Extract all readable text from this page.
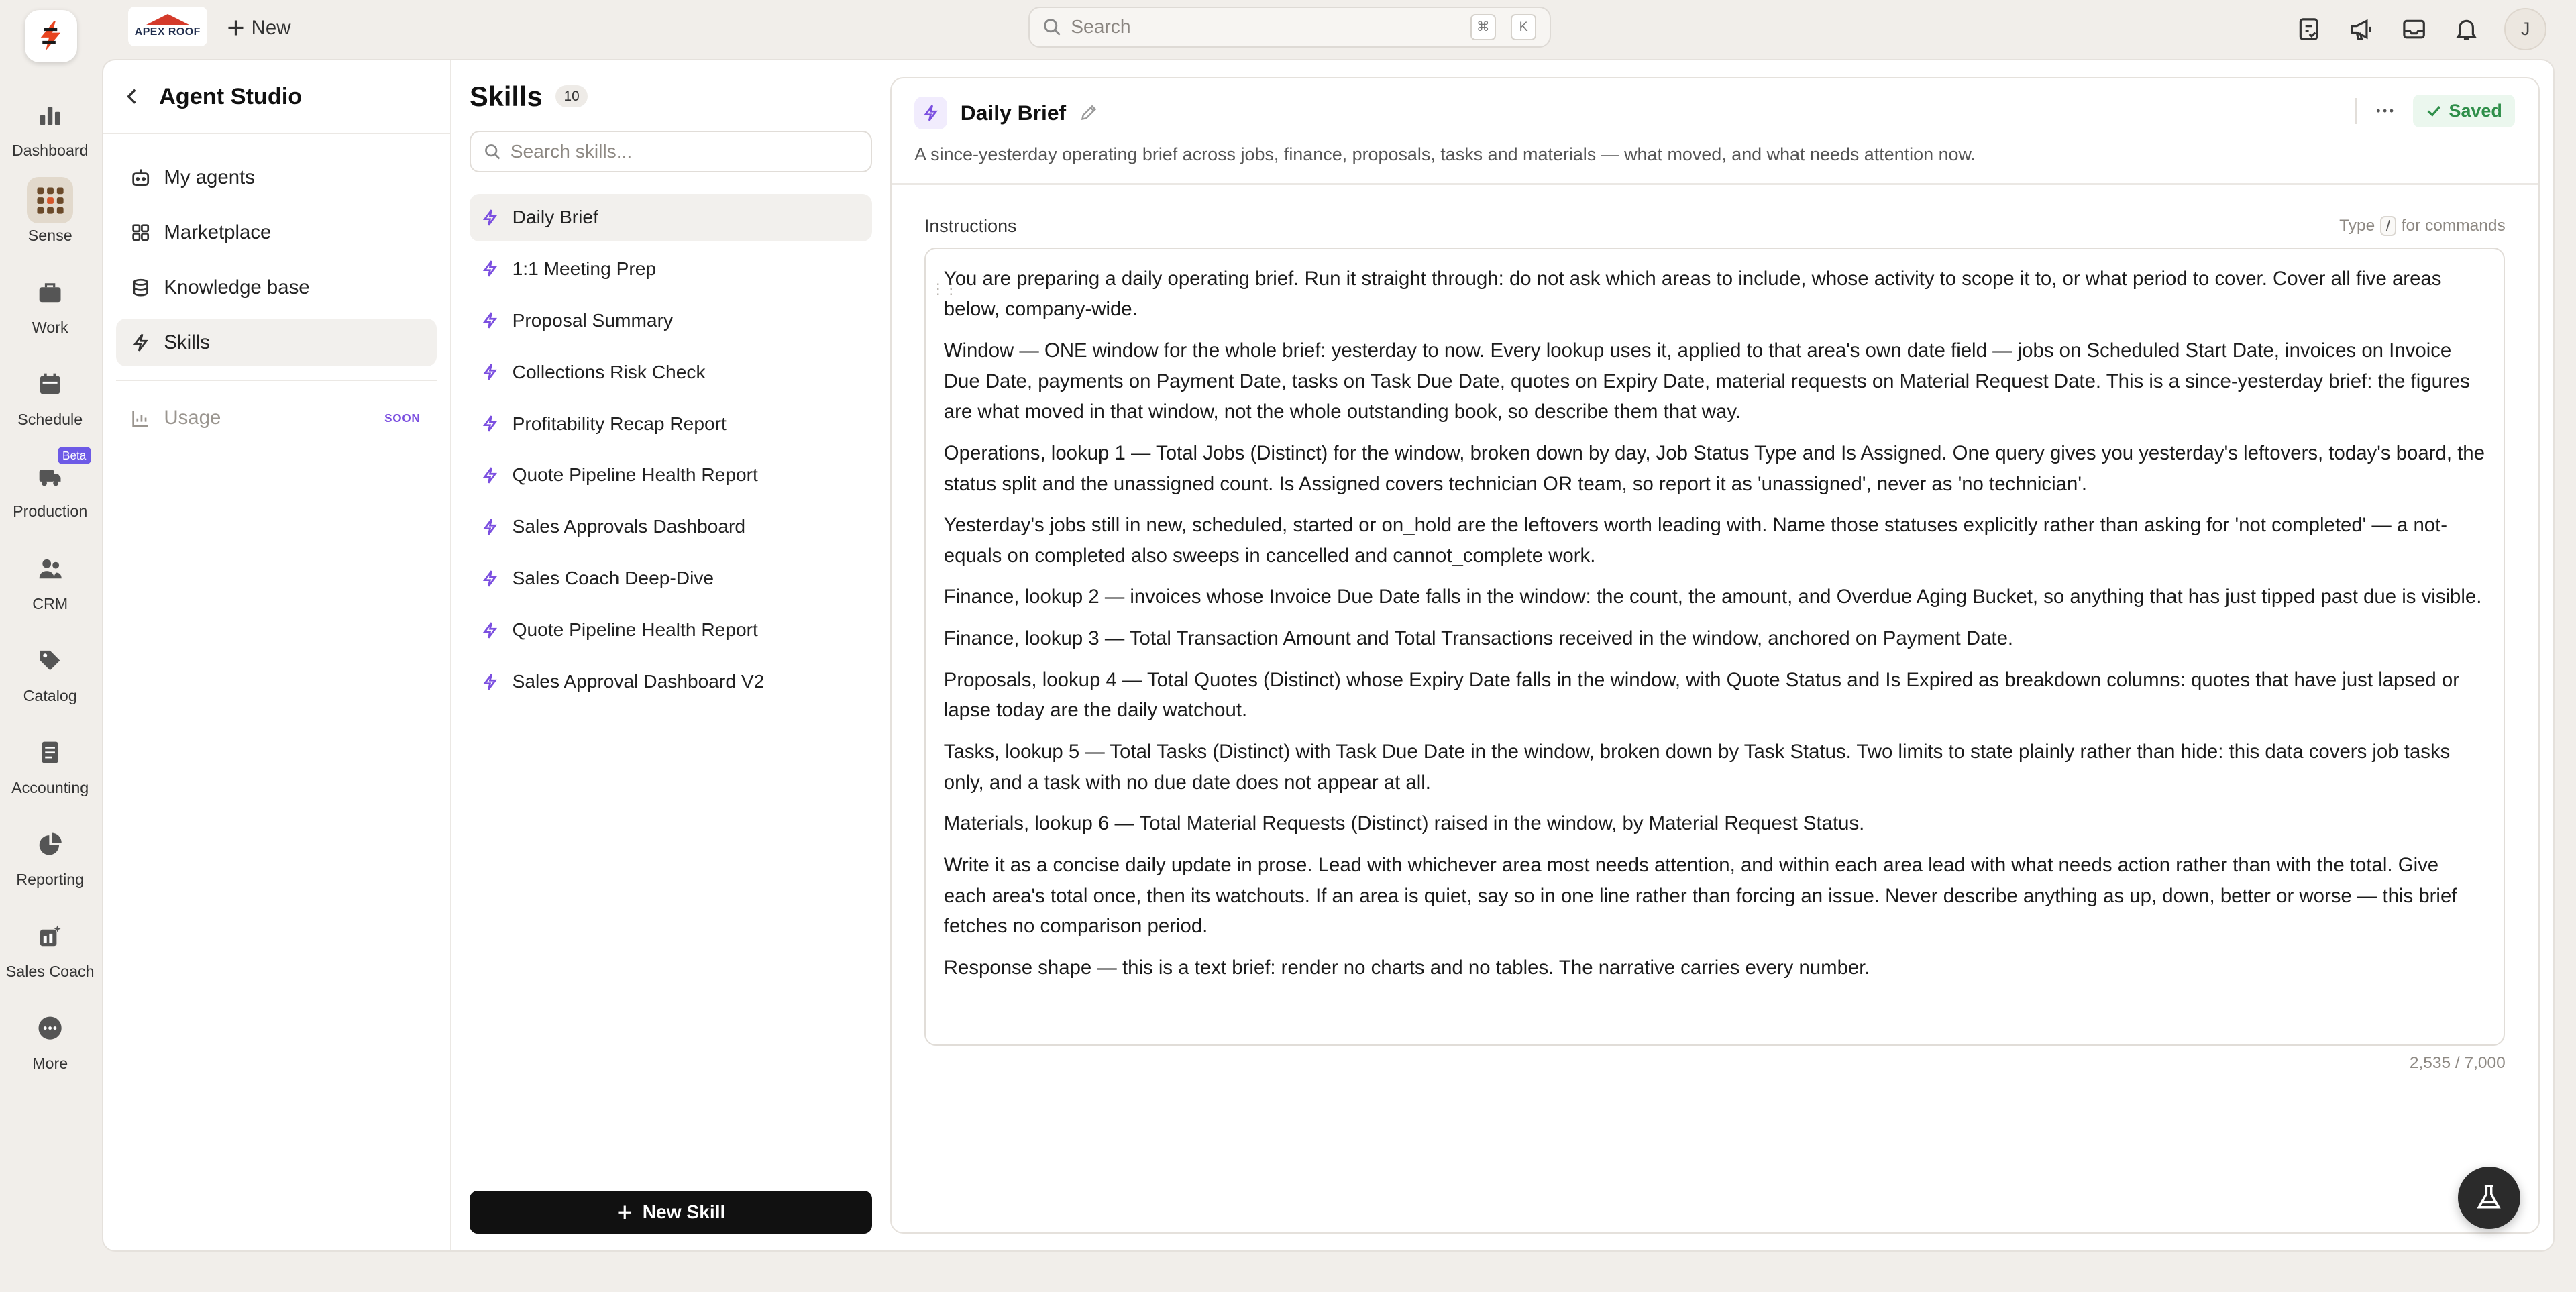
APEX ROOF	New	Search	⌘	K	J
Dashboard
Sense
Work
Schedule
Beta
Production
CRM
Catalog
Accounting
Reporting
Sales Coach
More
Agent Studio
My agents
Marketplace
Knowledge base
Skills
Usage	SOON
Skills	10
Search skills...
Daily Brief
1:1 Meeting Prep
Proposal Summary
Collections Risk Check
Profitability Recap Report
Quote Pipeline Health Report
Sales Approvals Dashboard
Sales Coach Deep-Dive
Quote Pipeline Health Report
Sales Approval Dashboard V2
New Skill
Daily Brief	Saved
A since-yesterday operating brief across jobs, finance, proposals, tasks and materials — what moved, and what needs attention now.
Instructions	Type	/	for commands
⋮⋮

You are preparing a daily operating brief. Run it straight through: do not ask which areas to include, whose activity to scope it to, or what period to cover. Cover all five areas below, company-wide.

Window — ONE window for the whole brief: yesterday to now. Every lookup uses it, applied to that area's own date field — jobs on Scheduled Start Date, invoices on Invoice Due Date, payments on Payment Date, tasks on Task Due Date, quotes on Expiry Date, material requests on Material Request Date. This is a since-yesterday brief: the figures are what moved in that window, not the whole outstanding book, so describe them that way.

Operations, lookup 1 — Total Jobs (Distinct) for the window, broken down by day, Job Status Type and Is Assigned. One query gives you yesterday's leftovers, today's board, the status split and the unassigned count. Is Assigned covers technician OR team, so report it as 'unassigned', never as 'no technician'.

Yesterday's jobs still in new, scheduled, started or on_hold are the leftovers worth leading with. Name those statuses explicitly rather than asking for 'not completed' — a not-equals on completed also sweeps in cancelled and cannot_complete work.

Finance, lookup 2 — invoices whose Invoice Due Date falls in the window: the count, the amount, and Overdue Aging Bucket, so anything that has just tipped past due is visible.

Finance, lookup 3 — Total Transaction Amount and Total Transactions received in the window, anchored on Payment Date.

Proposals, lookup 4 — Total Quotes (Distinct) whose Expiry Date falls in the window, with Quote Status and Is Expired as breakdown columns: quotes that have just lapsed or lapse today are the daily watchout.

Tasks, lookup 5 — Total Tasks (Distinct) with Task Due Date in the window, broken down by Task Status. Two limits to state plainly rather than hide: this data covers job tasks only, and a task with no due date does not appear at all.

Materials, lookup 6 — Total Material Requests (Distinct) raised in the window, by Material Request Status.

Write it as a concise daily update in prose. Lead with whichever area most needs attention, and within each area lead with what needs action rather than with the total. Give each area's total once, then its watchouts. If an area is quiet, say so in one line rather than forcing an issue. Never describe anything as up, down, better or worse — this brief fetches no comparison period.

Response shape — this is a text brief: render no charts and no tables. The narrative carries every number.

2,535 / 7,000
